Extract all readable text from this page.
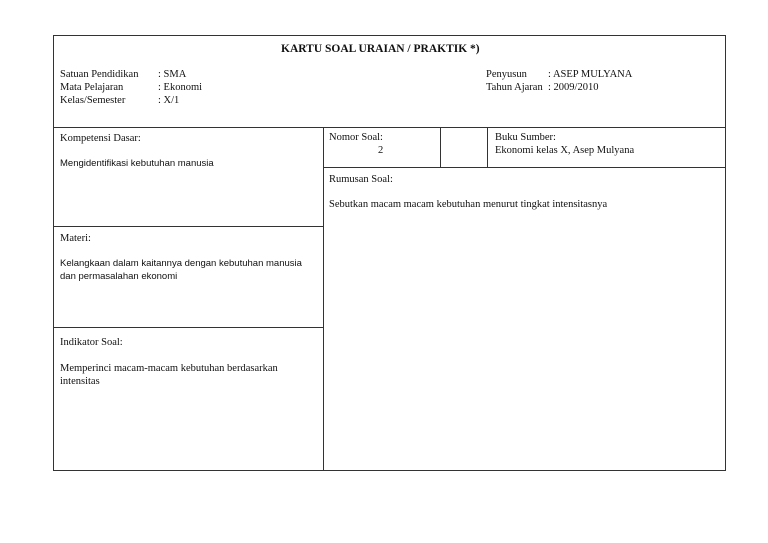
KARTU SOAL URAIAN / PRAKTIK *)
Satuan Pendidikan : SMA
Mata Pelajaran	: Ekonomi
Kelas/Semester	: X/1
Penyusun : ASEP MULYANA
Tahun Ajaran : 2009/2010
Kompetensi Dasar:
Mengidentifikasi kebutuhan manusia
Materi:
Kelangkaan dalam kaitannya dengan kebutuhan manusia
dan permasalahan ekonomi
Indikator Soal:
Memperinci macam-macam kebutuhan berdasarkan
intensitas
Nomor Soal:
2
Buku Sumber:
Ekonomi kelas X, Asep Mulyana
Rumusan Soal:
Sebutkan macam macam kebutuhan menurut tingkat intensitasnya
